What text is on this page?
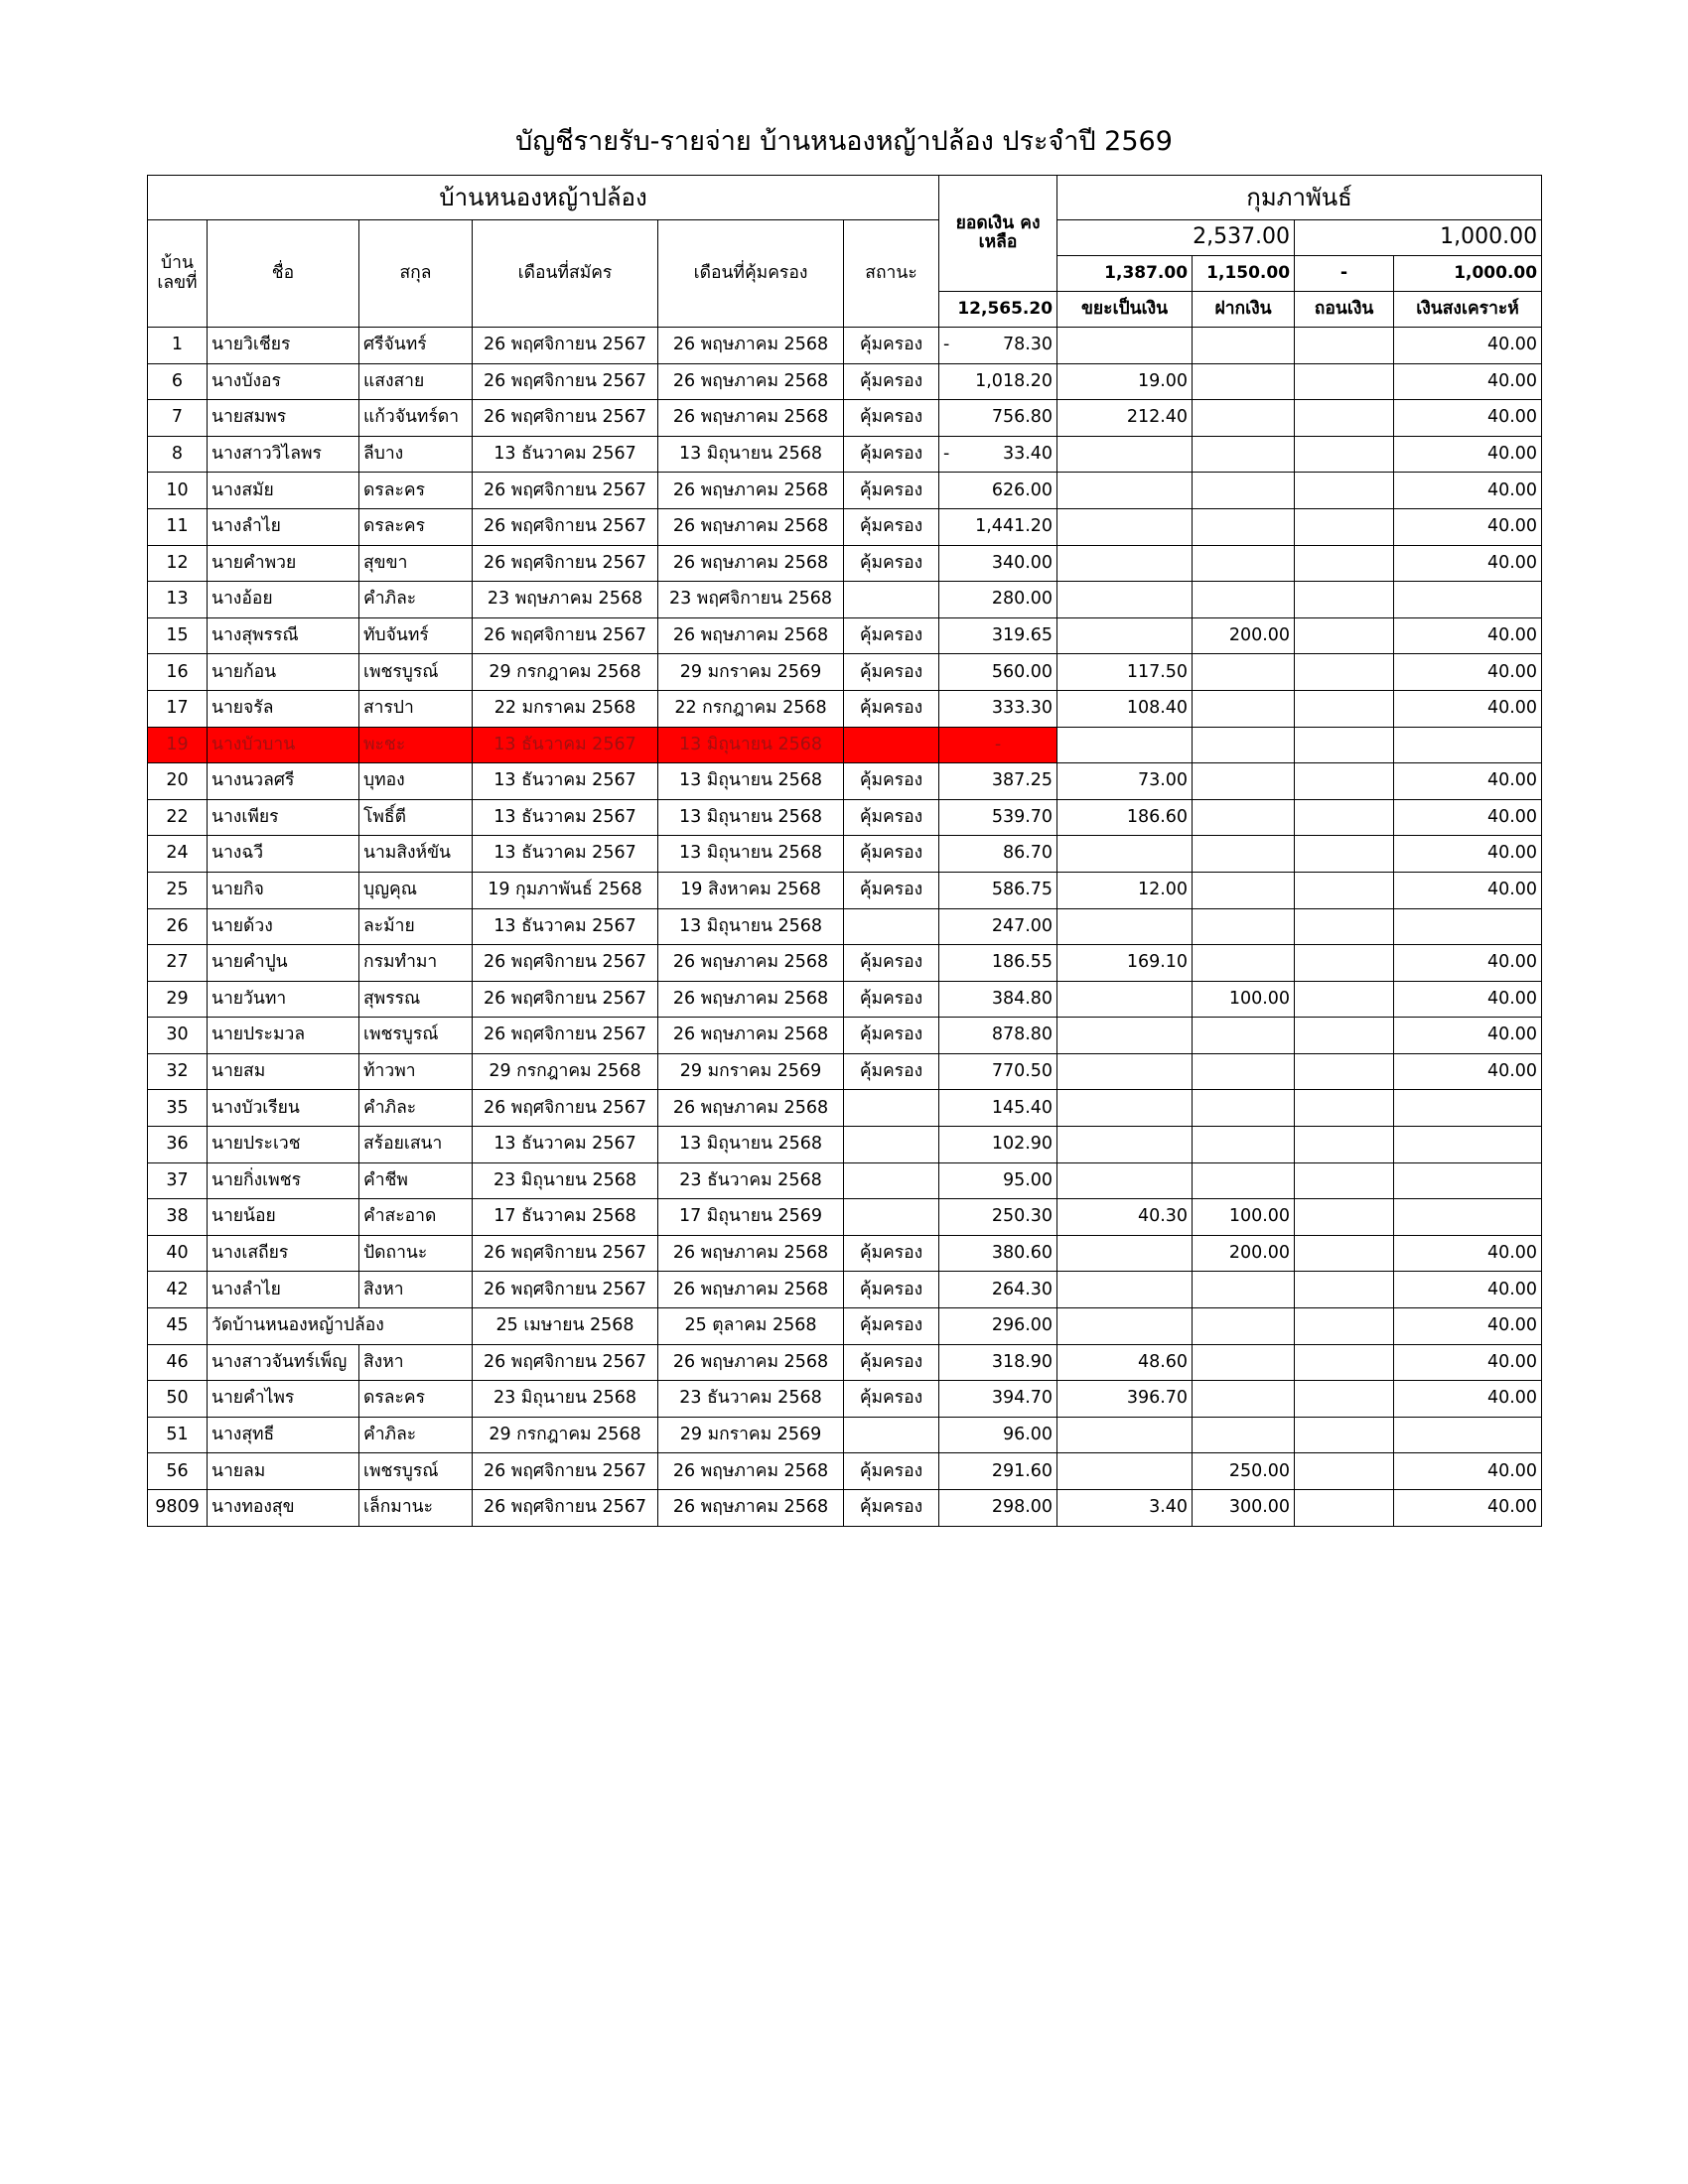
บัญชีรายรับ-รายจ่าย บ้านหนองหญ้าปล้อง ประจำปี 2569
บ้านหนองหญ้าปล้อง						ยอดเงิน คงเหลือ	กุมภาพันธ์			
บ้าน เลขที่	ชื่อ	สกุล	เดือนที่สมัคร	เดือนที่คุ้มครอง	สถานะ		2,537.00		1,000.00	
							1,387.00	1,150.00	-	1,000.00
						12,565.20	ขยะเป็นเงิน	ฝากเงิน	ถอนเงิน	เงินสงเคราะห์
1	นายวิเชียร	ศรีจันทร์	26 พฤศจิกายน 2567	26 พฤษภาคม 2568	คุ้มครอง	- 78.30				40.00
6	นางบังอร	แสงสาย	26 พฤศจิกายน 2567	26 พฤษภาคม 2568	คุ้มครอง	1,018.20	19.00			40.00
7	นายสมพร	แก้วจันทร์ดา	26 พฤศจิกายน 2567	26 พฤษภาคม 2568	คุ้มครอง	756.80	212.40			40.00
8	นางสาววิไลพร	ลีบาง	13 ธันวาคม 2567	13 มิถุนายน 2568	คุ้มครอง	- 33.40				40.00
10	นางสมัย	ดรละคร	26 พฤศจิกายน 2567	26 พฤษภาคม 2568	คุ้มครอง	626.00				40.00
11	นางลำไย	ดรละคร	26 พฤศจิกายน 2567	26 พฤษภาคม 2568	คุ้มครอง	1,441.20				40.00
12	นายคำพวย	สุขขา	26 พฤศจิกายน 2567	26 พฤษภาคม 2568	คุ้มครอง	340.00				40.00
13	นางอ้อย	คำภิละ	23 พฤษภาคม 2568	23 พฤศจิกายน 2568		280.00				
15	นางสุพรรณี	ทับจันทร์	26 พฤศจิกายน 2567	26 พฤษภาคม 2568	คุ้มครอง	319.65		200.00		40.00
16	นายก้อน	เพชรบูรณ์	29 กรกฎาคม 2568	29 มกราคม 2569	คุ้มครอง	560.00	117.50			40.00
17	นายจรัล	สารปา	22 มกราคม 2568	22 กรกฎาคม 2568	คุ้มครอง	333.30	108.40			40.00
19	นางบัวบาน	พะชะ	13 ธันวาคม 2567	13 มิถุนายน 2568		-				
20	นางนวลศรี	บุทอง	13 ธันวาคม 2567	13 มิถุนายน 2568	คุ้มครอง	387.25	73.00			40.00
22	นางเพียร	โพธิ์ตี	13 ธันวาคม 2567	13 มิถุนายน 2568	คุ้มครอง	539.70	186.60			40.00
24	นางฉวี	นามสิงห์ขัน	13 ธันวาคม 2567	13 มิถุนายน 2568	คุ้มครอง	86.70				40.00
25	นายกิจ	บุญคุณ	19 กุมภาพันธ์ 2568	19 สิงหาคม 2568	คุ้มครอง	586.75	12.00			40.00
26	นายด้วง	ละม้าย	13 ธันวาคม 2567	13 มิถุนายน 2568		247.00				
27	นายคำปูน	กรมทำมา	26 พฤศจิกายน 2567	26 พฤษภาคม 2568	คุ้มครอง	186.55	169.10			40.00
29	นายวันทา	สุพรรณ	26 พฤศจิกายน 2567	26 พฤษภาคม 2568	คุ้มครอง	384.80		100.00		40.00
30	นายประมวล	เพชรบูรณ์	26 พฤศจิกายน 2567	26 พฤษภาคม 2568	คุ้มครอง	878.80				40.00
32	นายสม	ท้าวพา	29 กรกฎาคม 2568	29 มกราคม 2569	คุ้มครอง	770.50				40.00
35	นางบัวเรียน	คำภิละ	26 พฤศจิกายน 2567	26 พฤษภาคม 2568		145.40				
36	นายประเวช	สร้อยเสนา	13 ธันวาคม 2567	13 มิถุนายน 2568		102.90				
37	นายกิ่งเพชร	คำชีพ	23 มิถุนายน 2568	23 ธันวาคม 2568		95.00				
38	นายน้อย	คำสะอาด	17 ธันวาคม 2568	17 มิถุนายน 2569		250.30	40.30	100.00		
40	นางเสถียร	ปัดถานะ	26 พฤศจิกายน 2567	26 พฤษภาคม 2568	คุ้มครอง	380.60		200.00		40.00
42	นางลำไย	สิงหา	26 พฤศจิกายน 2567	26 พฤษภาคม 2568	คุ้มครอง	264.30				40.00
45	วัดบ้านหนองหญ้าปล้อง		25 เมษายน 2568	25 ตุลาคม 2568	คุ้มครอง	296.00				40.00
46	นางสาวจันทร์เพ็ญ	สิงหา	26 พฤศจิกายน 2567	26 พฤษภาคม 2568	คุ้มครอง	318.90	48.60			40.00
50	นายคำไพร	ดรละคร	23 มิถุนายน 2568	23 ธันวาคม 2568	คุ้มครอง	394.70	396.70			40.00
51	นางสุทธี	คำภิละ	29 กรกฎาคม 2568	29 มกราคม 2569		96.00				
56	นายลม	เพชรบูรณ์	26 พฤศจิกายน 2567	26 พฤษภาคม 2568	คุ้มครอง	291.60		250.00		40.00
9809	นางทองสุข	เล็กมานะ	26 พฤศจิกายน 2567	26 พฤษภาคม 2568	คุ้มครอง	298.00	3.40	300.00		40.00
